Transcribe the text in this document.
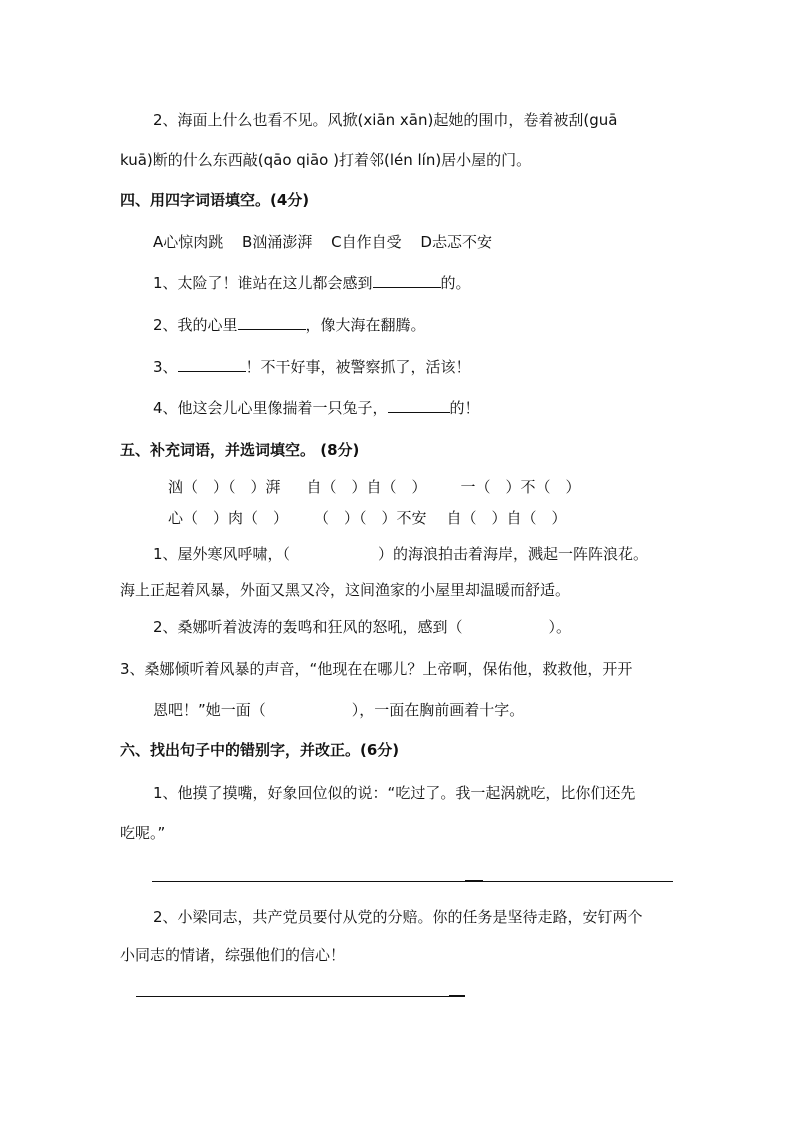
2、海面上什么也看不见。风掀(xiān xān)起她的围巾，卷着被刮(guā
kuā)断的什么东西敲(qāo qiāo )打着邻(lén lín)居小屋的门。
四、用四字词语填空。(4分)
A心惊肉跳 B汹涌澎湃 C自作自受 D忐忑不安
1、太险了！谁站在这儿都会感到	的。
2、我的心里	，像大海在翻腾。
3、	！不干好事，被警察抓了，活该！
4、他这会儿心里像揣着一只兔子，	的！
五、补充词语，并选词填空。 (8分)
汹（　）（　）湃 自（　）自（　） 一（　）不（　）
心（　）肉（　） （　）（　）不安 自（　）自（　）
1、屋外寒风呼啸，（	）的海浪拍击着海岸，溅起一阵阵浪花。
海上正起着风暴，外面又黑又冷，这间渔家的小屋里却温暖而舒适。
2、桑娜听着波涛的轰鸣和狂风的怒吼，感到（	）。
3、桑娜倾听着风暴的声音，“他现在在哪儿？上帝啊，保佑他，救救他，开开
恩吧！”她一面（	），一面在胸前画着十字。
六、找出句子中的错别字，并改正。(6分)
1、他摸了摸嘴，好象回位似的说：“吃过了。我一起涡就吃，比你们还先
吃呢。”
2、小梁同志，共产党员要付从党的分赔。你的任务是坚待走路，安钉两个
小同志的情诸，综强他们的信心！
